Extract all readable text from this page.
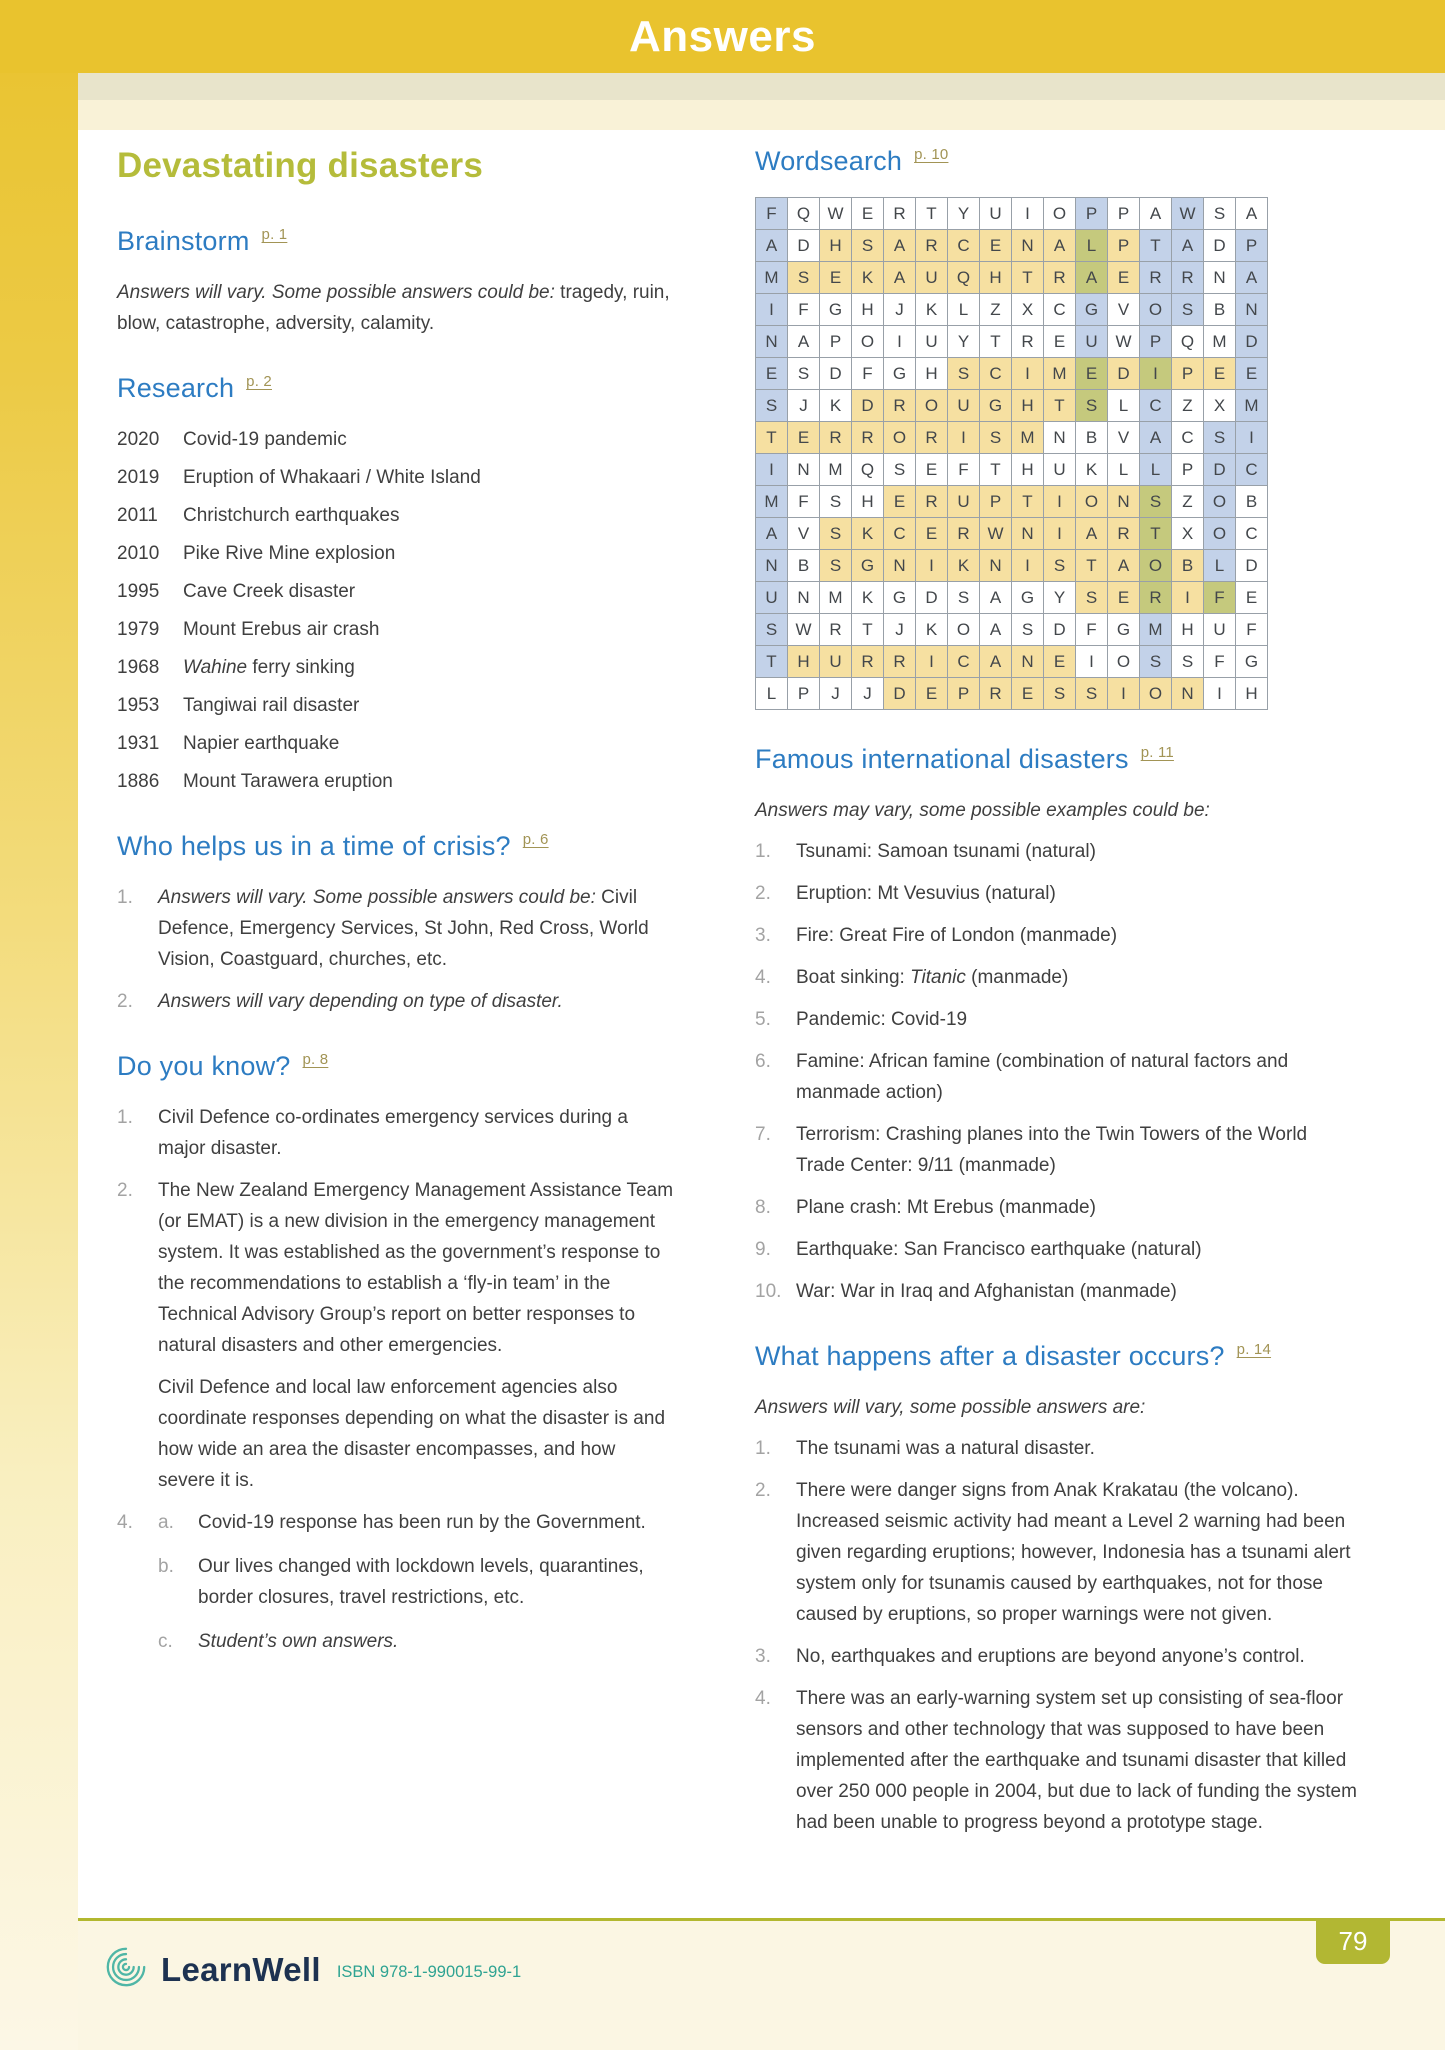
Answers
Devastating disasters
Brainstorm $^{p. 1}$

Answers will vary. Some possible answers could be: tragedy, ruin, blow, catastrophe, adversity, calamity.

Research $^{p. 2}$
2020	Covid-19 pandemic
2019	Eruption of Whakaari / White Island
2011	Christchurch earthquakes
2010	Pike Rive Mine explosion
1995	Cave Creek disaster
1979	Mount Erebus air crash
1968	Wahine ferry sinking
1953	Tangiwai rail disaster
1931	Napier earthquake
1886	Mount Tarawera eruption
Who helps us in a time of crisis? $^{p. 6}$
1.	Answers will vary. Some possible answers could be: Civil Defence, Emergency Services, St John, Red Cross, World Vision, Coastguard, churches, etc.
2.	Answers will vary depending on type of disaster.
Do you know? $^{p. 8}$
1.	Civil Defence co-ordinates emergency services during a major disaster.
2.	The New Zealand Emergency Management Assistance Team (or EMAT) is a new division in the emergency management system. It was established as the government’s response to the recommendations to establish a ‘fly-in team’ in the Technical Advisory Group’s report on better responses to natural disasters and other emergencies.
Civil Defence and local law enforcement agencies also coordinate responses depending on what the disaster is and how wide an area the disaster encompasses, and how severe it is.
4.	a.	Covid-19 response has been run by the Government.
b.	Our lives changed with lockdown levels, quarantines, border closures, travel restrictions, etc.
c.	Student’s own answers.
Wordsearch $^{p. 10}$
F	Q	W	E	R	T	Y	U	I	O	P	P	A	W	S	A
A	D	H	S	A	R	C	E	N	A	L	P	T	A	D	P
M	S	E	K	A	U	Q	H	T	R	A	E	R	R	N	A
I	F	G	H	J	K	L	Z	X	C	G	V	O	S	B	N
N	A	P	O	I	U	Y	T	R	E	U	W	P	Q	M	D
E	S	D	F	G	H	S	C	I	M	E	D	I	P	E	E
S	J	K	D	R	O	U	G	H	T	S	L	C	Z	X	M
T	E	R	R	O	R	I	S	M	N	B	V	A	C	S	I
I	N	M	Q	S	E	F	T	H	U	K	L	L	P	D	C
M	F	S	H	E	R	U	P	T	I	O	N	S	Z	O	B
A	V	S	K	C	E	R	W	N	I	A	R	T	X	O	C
N	B	S	G	N	I	K	N	I	S	T	A	O	B	L	D
U	N	M	K	G	D	S	A	G	Y	S	E	R	I	F	E
S	W	R	T	J	K	O	A	S	D	F	G	M	H	U	F
T	H	U	R	R	I	C	A	N	E	I	O	S	S	F	G
L	P	J	J	D	E	P	R	E	S	S	I	O	N	I	H
Famous international disasters $^{p. 11}$

Answers may vary, some possible examples could be:

1.	Tsunami: Samoan tsunami (natural)
2.	Eruption: Mt Vesuvius (natural)
3.	Fire: Great Fire of London (manmade)
4.	Boat sinking: Titanic (manmade)
5.	Pandemic: Covid-19
6.	Famine: African famine (combination of natural factors and manmade action)
7.	Terrorism: Crashing planes into the Twin Towers of the World Trade Center: 9/11 (manmade)
8.	Plane crash: Mt Erebus (manmade)
9.	Earthquake: San Francisco earthquake (natural)
10. War: War in Iraq and Afghanistan (manmade)
What happens after a disaster occurs? $^{p. 14}$

Answers will vary, some possible answers are:

1.	The tsunami was a natural disaster.
2.	There were danger signs from Anak Krakatau (the volcano). Increased seismic activity had meant a Level 2 warning had been given regarding eruptions; however, Indonesia has a tsunami alert system only for tsunamis caused by earthquakes, not for those caused by eruptions, so proper warnings were not given.
3.	No, earthquakes and eruptions are beyond anyone’s control.
4.	There was an early-warning system set up consisting of sea-floor sensors and other technology that was supposed to have been implemented after the earthquake and tsunami disaster that killed over 250 000 people in 2004, but due to lack of funding the system had been unable to progress beyond a prototype stage.
79
LearnWell ISBN 978-1-990015-99-1
